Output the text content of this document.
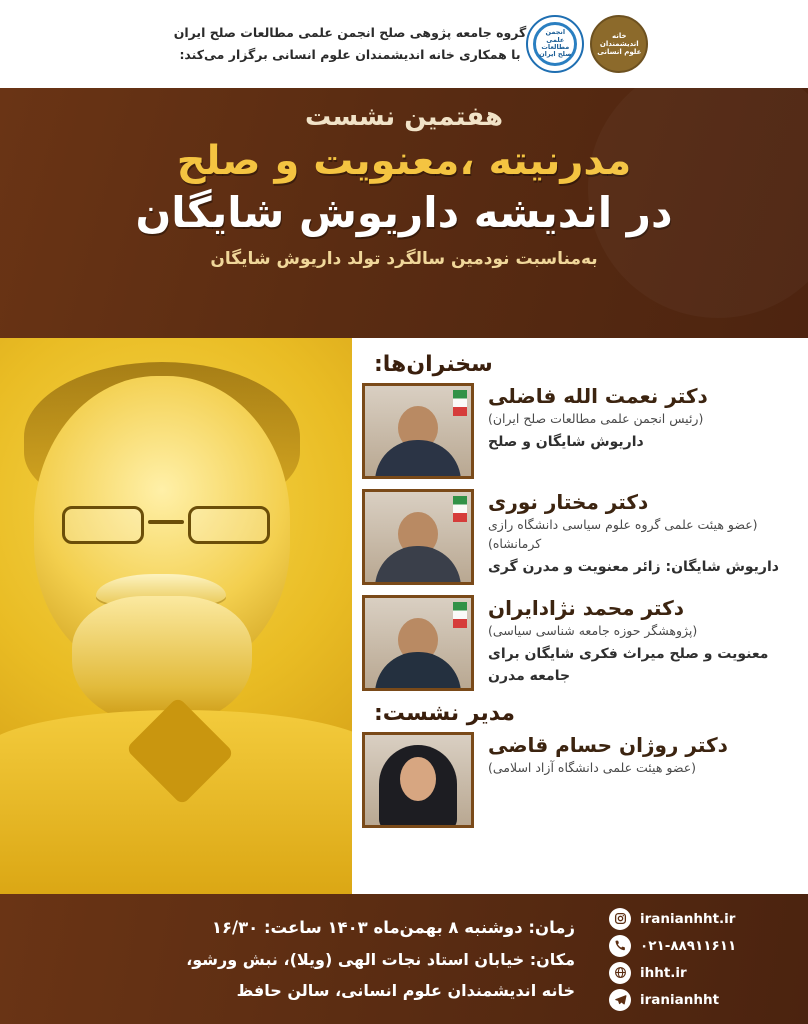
گروه جامعه پژوهی صلح انجمن علمی مطالعات صلح ایران
با همکاری خانه اندیشمندان علوم انسانی برگزار می‌کند:
خانه اندیشمندان علوم انسانی
انجمن علمی مطالعات صلح ایران
هفتمین نشست
مدرنیته ،معنویت و صلح
در اندیشه داریوش شایگان
به‌مناسبت نودمین سالگرد تولد داریوش شایگان
سخنران‌ها:
دکتر نعمت الله فاضلی
(رئیس انجمن علمی مطالعات صلح ایران)
داریوش شایگان و صلح
دکتر مختار نوری
(عضو هیئت علمی گروه علوم سیاسی دانشگاه رازی کرمانشاه)
داریوش شایگان: زائر معنویت و مدرن گری
دکتر محمد نژادایران
(پژوهشگر حوزه جامعه شناسی سیاسی)
معنویت و صلح میراث فکری شایگان برای جامعه مدرن
مدیر نشست:
دکتر روژان حسام قاضی
(عضو هیئت علمی دانشگاه آزاد اسلامی)
زمان: دوشنبه ۸ بهمن‌ماه ۱۴۰۳ ساعت: ۱۶/۳۰
مکان: خیابان استاد نجات الهی (ویلا)، نبش ورشو،
خانه اندیشمندان علوم انسانی، سالن حافظ
iranianhht.ir
۰۲۱-۸۸۹۱۱۶۱۱
ihht.ir
iranianhht
